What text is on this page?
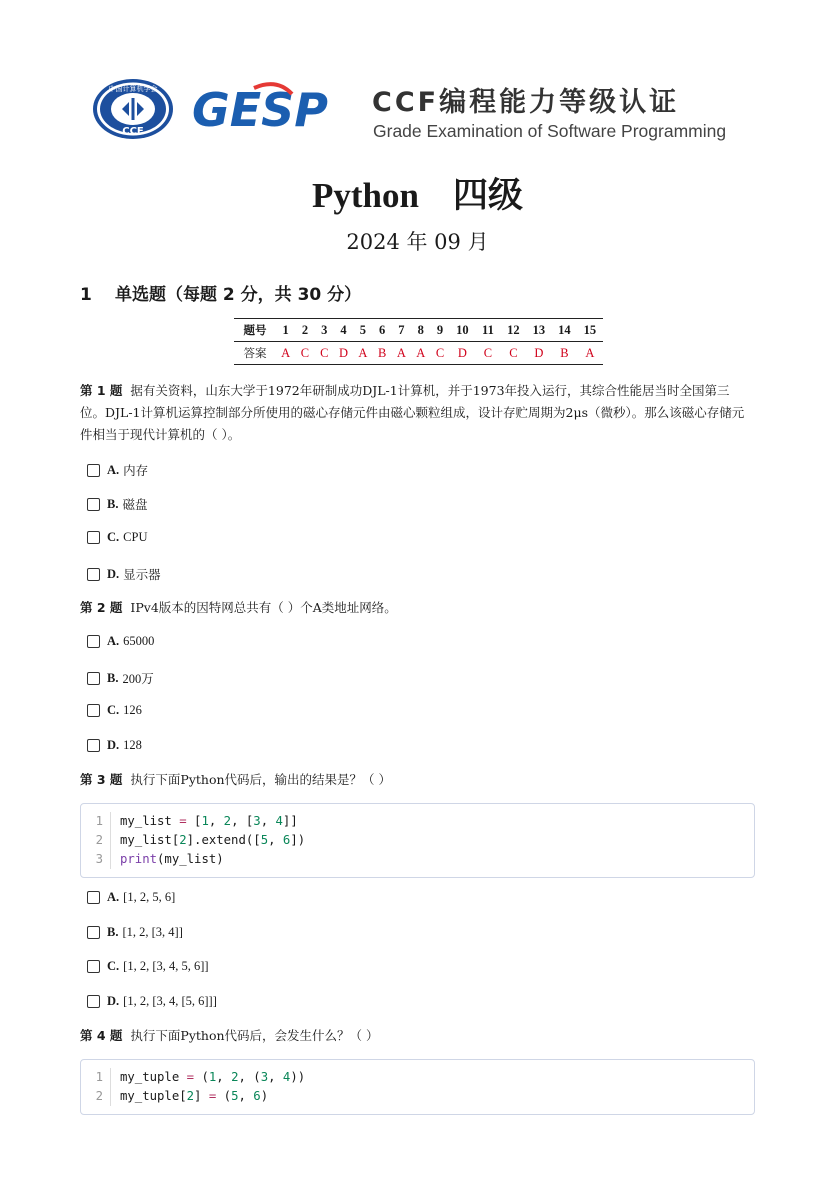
中国计算机学会
CCF GESP CCF编程能力等级认证
Grade Examination of Software Programming
Python 四级
2024 年 09 月
1 单选题（每题 2 分，共 30 分）
题号	1	2	3	4	5	6	7	8	9	10	11	12	13	14	15
答案	A	C	C	D	A	B	A	A	C	D	C	C	D	B	A
第 1 题 据有关资料，山东大学于1972年研制成功DJL-1计算机，并于1973年投入运行，其综合性能居当时全国第三位。DJL-1计算机运算控制部分所使用的磁心存储元件由磁心颗粒组成，设计存贮周期为2μs（微秒）。那么该磁心存储元件相当于现代计算机的（ ）。
A. 内存
B. 磁盘
C. CPU
D. 显示器
第 2 题 IPv4版本的因特网总共有（ ）个A类地址网络。
A. 65000
B. 200万
C. 126
D. 128
第 3 题 执行下面Python代码后，输出的结果是？（ ）
1	my_list = [1, 2, [3, 4]]
2	my_list[2].extend([5, 6])
3	print(my_list)
A. [1, 2, 5, 6]
B. [1, 2, [3, 4]]
C. [1, 2, [3, 4, 5, 6]]
D. [1, 2, [3, 4, [5, 6]]]
第 4 题 执行下面Python代码后，会发生什么？（ ）
1	my_tuple = (1, 2, (3, 4))
2	my_tuple[2] = (5, 6)
